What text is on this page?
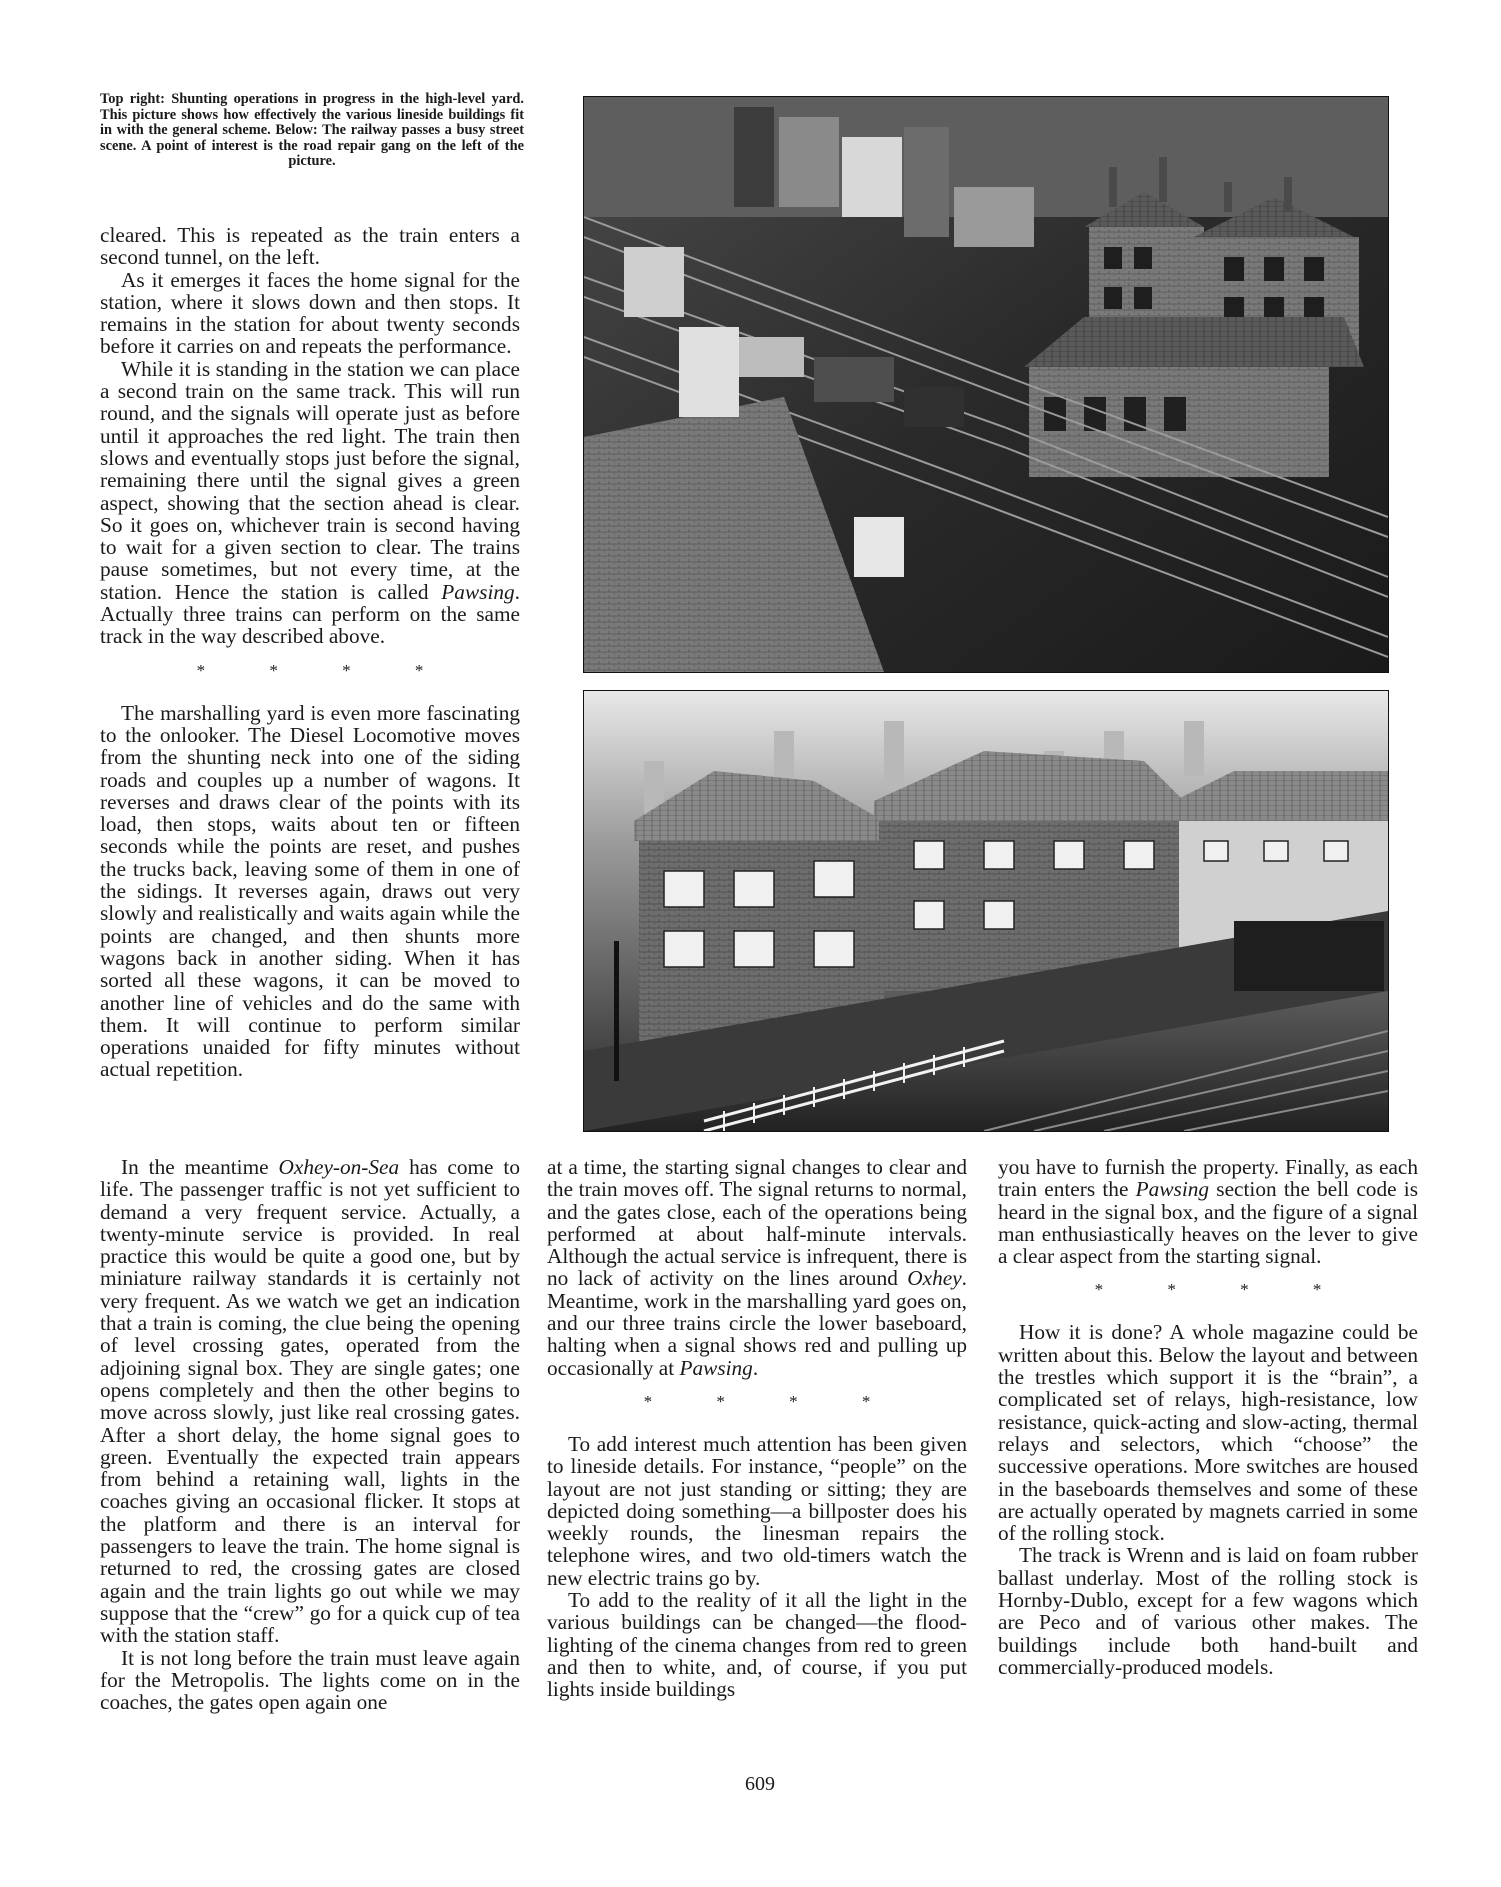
Top right: Shunting operations in progress in the high-level yard. This picture shows how effectively the various lineside buildings fit in with the general scheme. Below: The railway passes a busy street scene. A point of interest is the road repair gang on the left of the picture.

cleared. This is repeated as the train enters a second tunnel, on the left.

As it emerges it faces the home signal for the station, where it slows down and then stops. It remains in the station for about twenty seconds before it carries on and repeats the performance.

While it is standing in the station we can place a second train on the same track. This will run round, and the signals will operate just as before until it approaches the red light. The train then slows and eventually stops just before the signal, remaining there until the signal gives a green aspect, showing that the section ahead is clear. So it goes on, whichever train is second having to wait for a given section to clear. The trains pause sometimes, but not every time, at the station. Hence the station is called Pawsing. Actually three trains can perform on the same track in the way described above.

* * * *

The marshalling yard is even more fascinating to the onlooker. The Diesel Locomotive moves from the shunting neck into one of the siding roads and couples up a number of wagons. It reverses and draws clear of the points with its load, then stops, waits about ten or fifteen seconds while the points are reset, and pushes the trucks back, leaving some of them in one of the sidings. It reverses again, draws out very slowly and realistically and waits again while the points are changed, and then shunts more wagons back in another siding. When it has sorted all these wagons, it can be moved to another line of vehicles and do the same with them. It will continue to perform similar operations unaided for fifty minutes without actual repetition.

In the meantime Oxhey-on-Sea has come to life. The passenger traffic is not yet sufficient to demand a very frequent service. Actually, a twenty-minute service is provided. In real practice this would be quite a good one, but by miniature railway standards it is certainly not very frequent. As we watch we get an indication that a train is coming, the clue being the opening of level crossing gates, operated from the adjoining signal box. They are single gates; one opens completely and then the other begins to move across slowly, just like real crossing gates. After a short delay, the home signal goes to green. Eventually the expected train appears from behind a retaining wall, lights in the coaches giving an occasional flicker. It stops at the platform and there is an interval for passengers to leave the train. The home signal is returned to red, the crossing gates are closed again and the train lights go out while we may suppose that the “crew” go for a quick cup of tea with the station staff.

It is not long before the train must leave again for the Metropolis. The lights come on in the coaches, the gates open again one

at a time, the starting signal changes to clear and the train moves off. The signal returns to normal, and the gates close, each of the operations being performed at about half-minute intervals. Although the actual service is infrequent, there is no lack of activity on the lines around Oxhey. Meantime, work in the marshalling yard goes on, and our three trains circle the lower baseboard, halting when a signal shows red and pulling up occasionally at Pawsing.

* * * *

To add interest much attention has been given to lineside details. For instance, “people” on the layout are not just standing or sitting; they are depicted doing something—a billposter does his weekly rounds, the linesman repairs the telephone wires, and two old-timers watch the new electric trains go by.

To add to the reality of it all the light in the various buildings can be changed—the flood-lighting of the cinema changes from red to green and then to white, and, of course, if you put lights inside buildings

you have to furnish the property. Finally, as each train enters the Pawsing section the bell code is heard in the signal box, and the figure of a signal man enthusiastically heaves on the lever to give a clear aspect from the starting signal.

* * * *

How it is done? A whole magazine could be written about this. Below the layout and between the trestles which support it is the “brain”, a complicated set of relays, high-resistance, low resistance, quick-acting and slow-acting, thermal relays and selectors, which “choose” the successive operations. More switches are housed in the baseboards themselves and some of these are actually operated by magnets carried in some of the rolling stock.

The track is Wrenn and is laid on foam rubber ballast underlay. Most of the rolling stock is Hornby-Dublo, except for a few wagons which are Peco and of various other makes. The buildings include both hand-built and commercially-produced models.

609
